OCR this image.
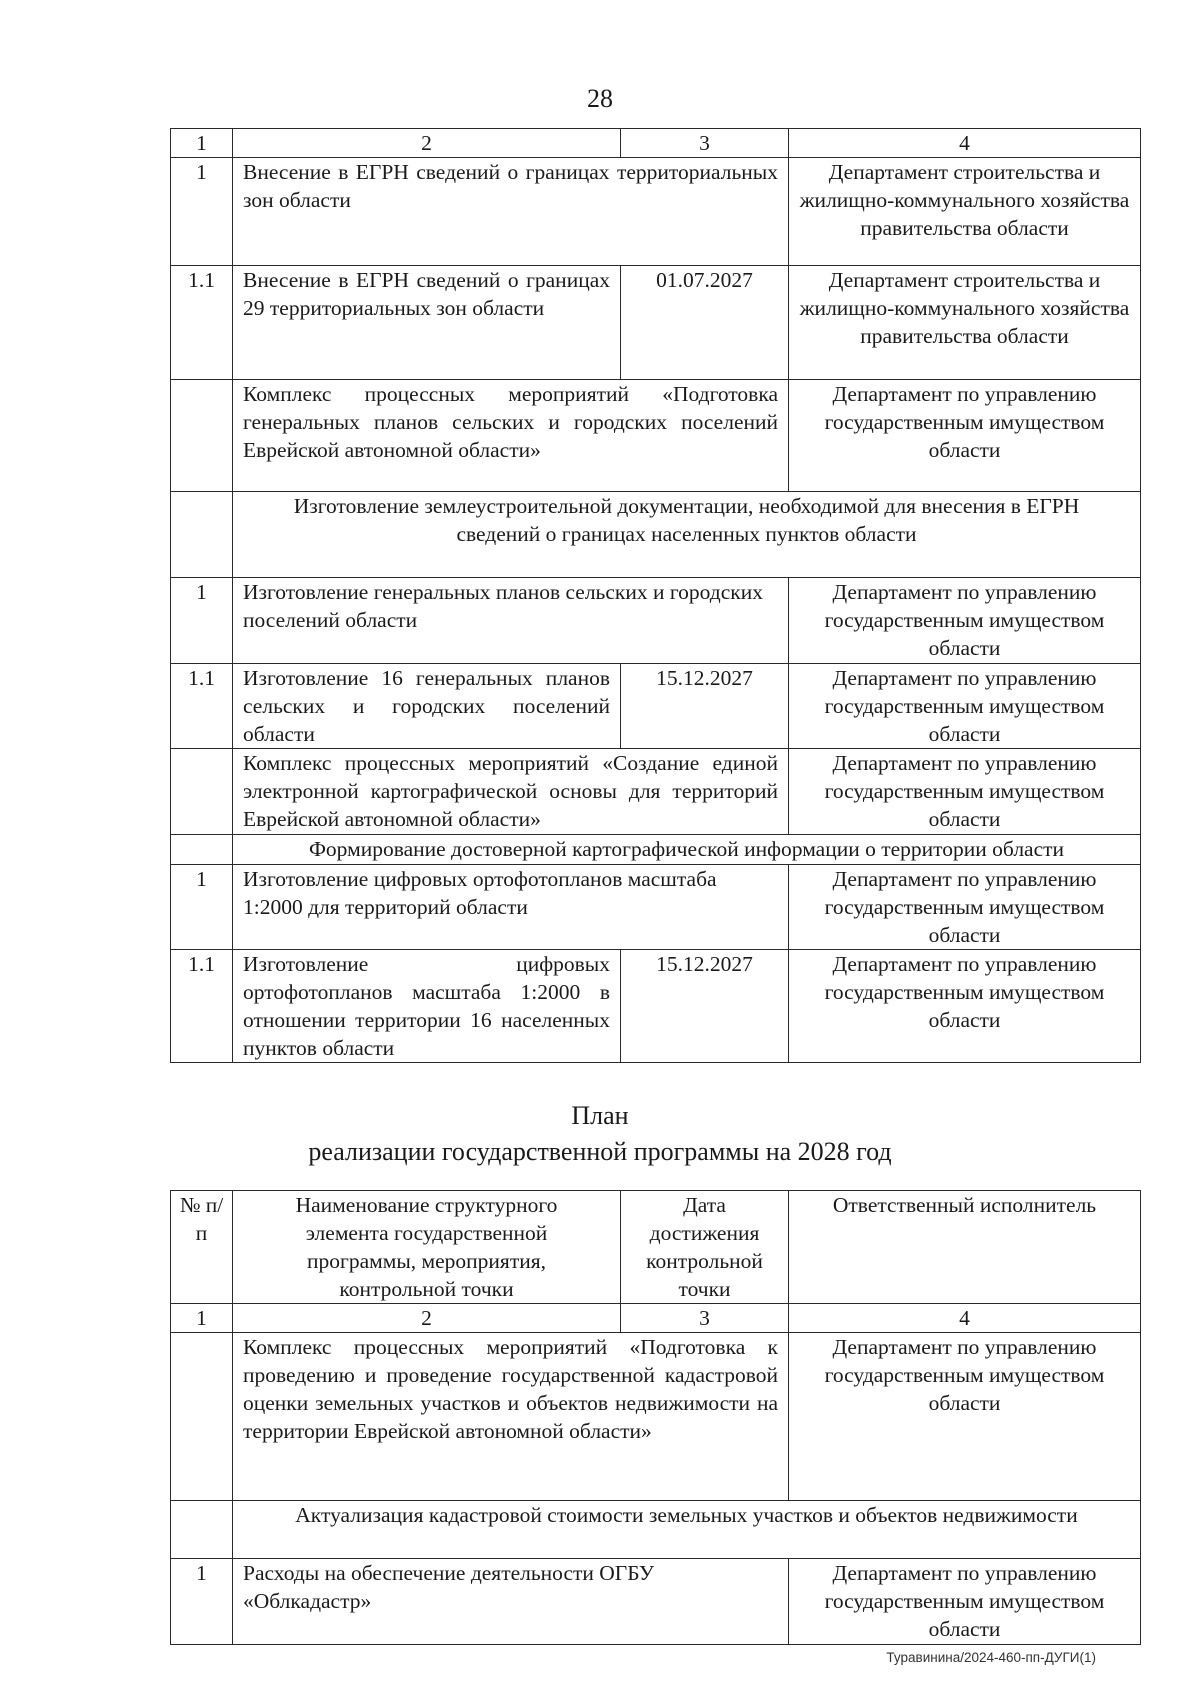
28
1	2	3	4
1	Внесение в ЕГРН сведений о границах территориальных зон области		Департамент строительства и жилищно-коммунального хозяйства правительства области
1.1	Внесение в ЕГРН сведений о границах 29 территориальных зон области	01.07.2027	Департамент строительства и жилищно-коммунального хозяйства правительства области
	Комплекс процессных мероприятий «Подготовка генеральных планов сельских и городских поселений Еврейской автономной области»		Департамент по управлению государственным имуществом области
	Изготовление землеустроительной документации, необходимой для внесения в ЕГРН сведений о границах населенных пунктов области		
1	Изготовление генеральных планов сельских и городских поселений области		Департамент по управлению государственным имуществом области
1.1	Изготовление 16 генеральных планов сельских и городских поселений области	15.12.2027	Департамент по управлению государственным имуществом области
	Комплекс процессных мероприятий «Создание единой электронной картографической основы для территорий Еврейской автономной области»		Департамент по управлению государственным имуществом области
	Формирование достоверной картографической информации о территории области		
1	Изготовление цифровых ортофотопланов масштаба 1:2000 для территорий области		Департамент по управлению государственным имуществом области
1.1	Изготовление цифровых ортофотопланов масштаба 1:2000 в отношении территории 16 населенных пунктов области	15.12.2027	Департамент по управлению государственным имуществом области
План
реализации государственной программы на 2028 год
№ п/п	Наименование структурного элемента государственной программы, мероприятия, контрольной точки	Дата достижения контрольной точки	Ответственный исполнитель
1	2	3	4
	Комплекс процессных мероприятий «Подготовка к проведению и проведение государственной кадастровой оценки земельных участков и объектов недвижимости на территории Еврейской автономной области»		Департамент по управлению государственным имуществом области
	Актуализация кадастровой стоимости земельных участков и объектов недвижимости		
1	Расходы на обеспечение деятельности ОГБУ «Облкадастр»		Департамент по управлению государственным имуществом области
Туравинина/2024-460-пп-ДУГИ(1)
